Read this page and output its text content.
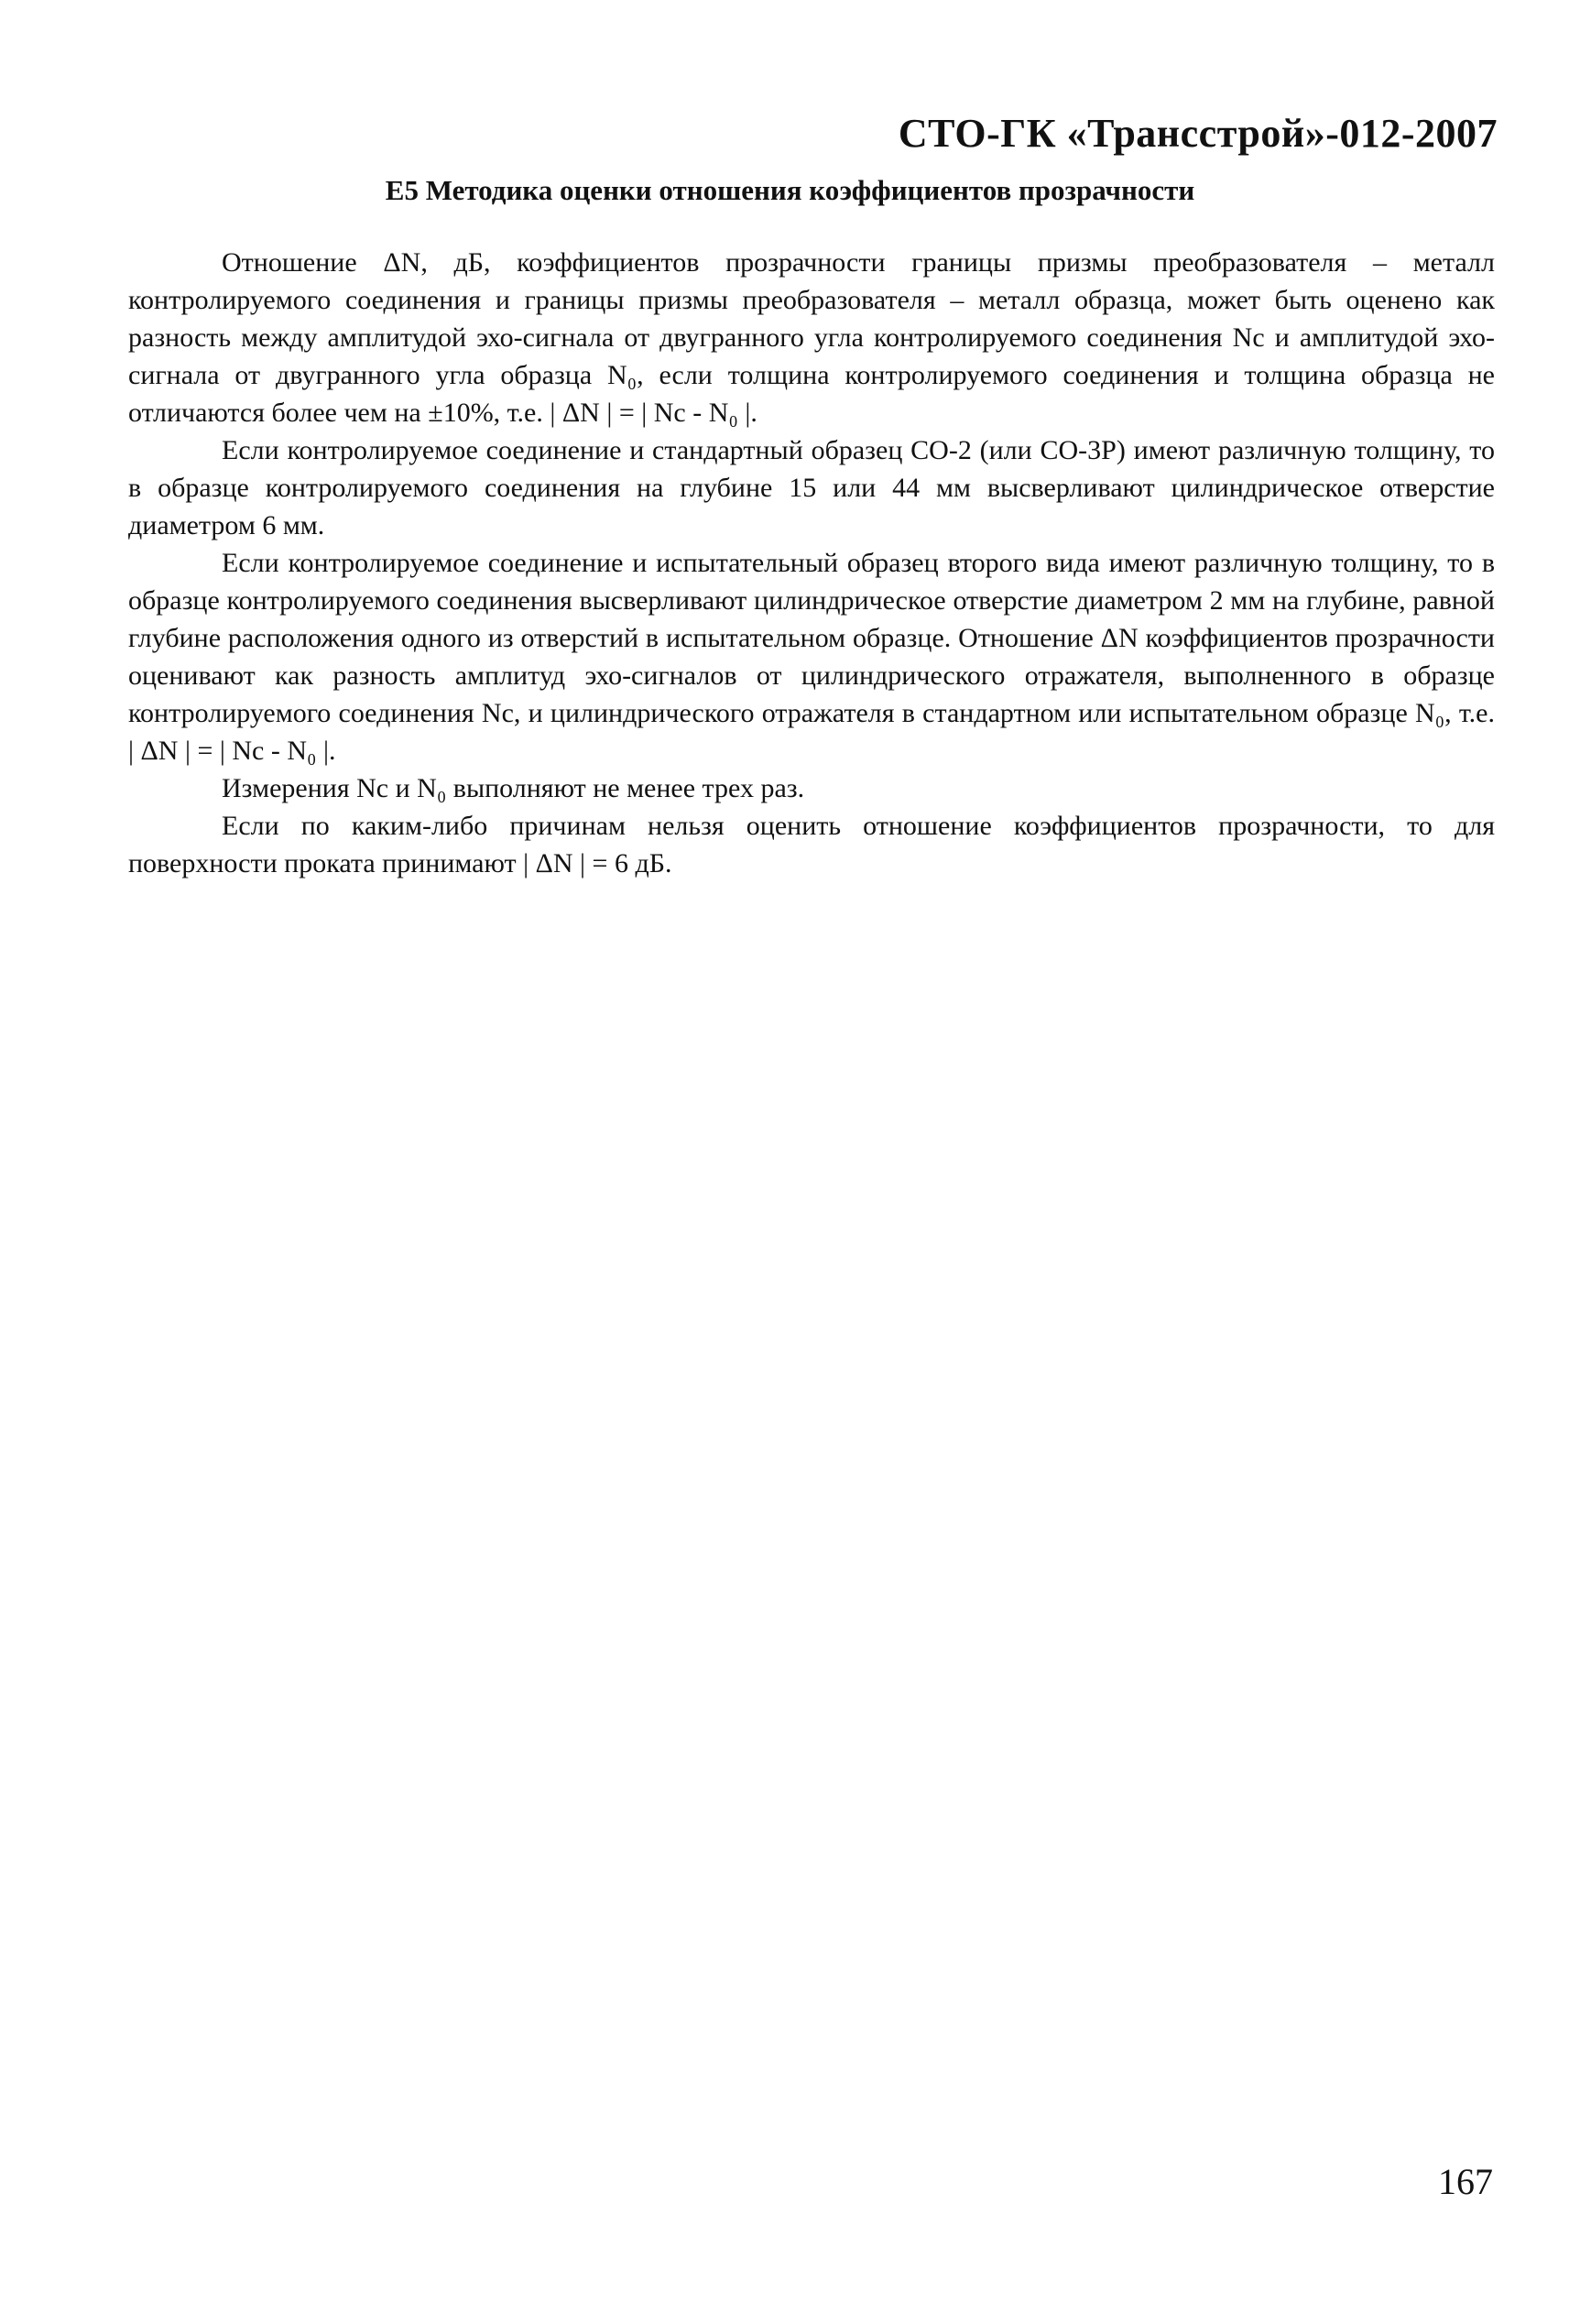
СТО-ГК «Трансстрой»-012-2007
Е5 Методика оценки отношения коэффициентов прозрачности

Отношение ΔN, дБ, коэффициентов прозрачности границы призмы преобразователя – металл контролируемого соединения и границы призмы преобразователя – металл образца, может быть оценено как разность между амплитудой эхо-сигнала от двугранного угла контролируемого соединения Nс и амплитудой эхо-сигнала от двугранного угла образца N₀, если толщина контролируемого соединения и толщина образца не отличаются более чем на ±10%, т.е. | ΔN | = | Nс - N₀ |.

Если контролируемое соединение и стандартный образец СО-2 (или СО-3Р) имеют различную толщину, то в образце контролируемого соединения на глубине 15 или 44 мм высверливают цилиндрическое отверстие диаметром 6 мм.

Если контролируемое соединение и испытательный образец второго вида имеют различную толщину, то в образце контролируемого соединения высверливают цилиндрическое отверстие диаметром 2 мм на глубине, равной глубине расположения одного из отверстий в испытательном образце. Отношение ΔN коэффициентов прозрачности оценивают как разность амплитуд эхо-сигналов от цилиндрического отражателя, выполненного в образце контролируемого соединения Nс, и цилиндрического отражателя в стандартном или испытательном образце N₀, т.е. | ΔN | = | Nс - N₀ |.

Измерения Nс и N₀ выполняют не менее трех раз.

Если по каким-либо причинам нельзя оценить отношение коэффициентов прозрачности, то для поверхности проката принимают | ΔN | = 6 дБ.

167
